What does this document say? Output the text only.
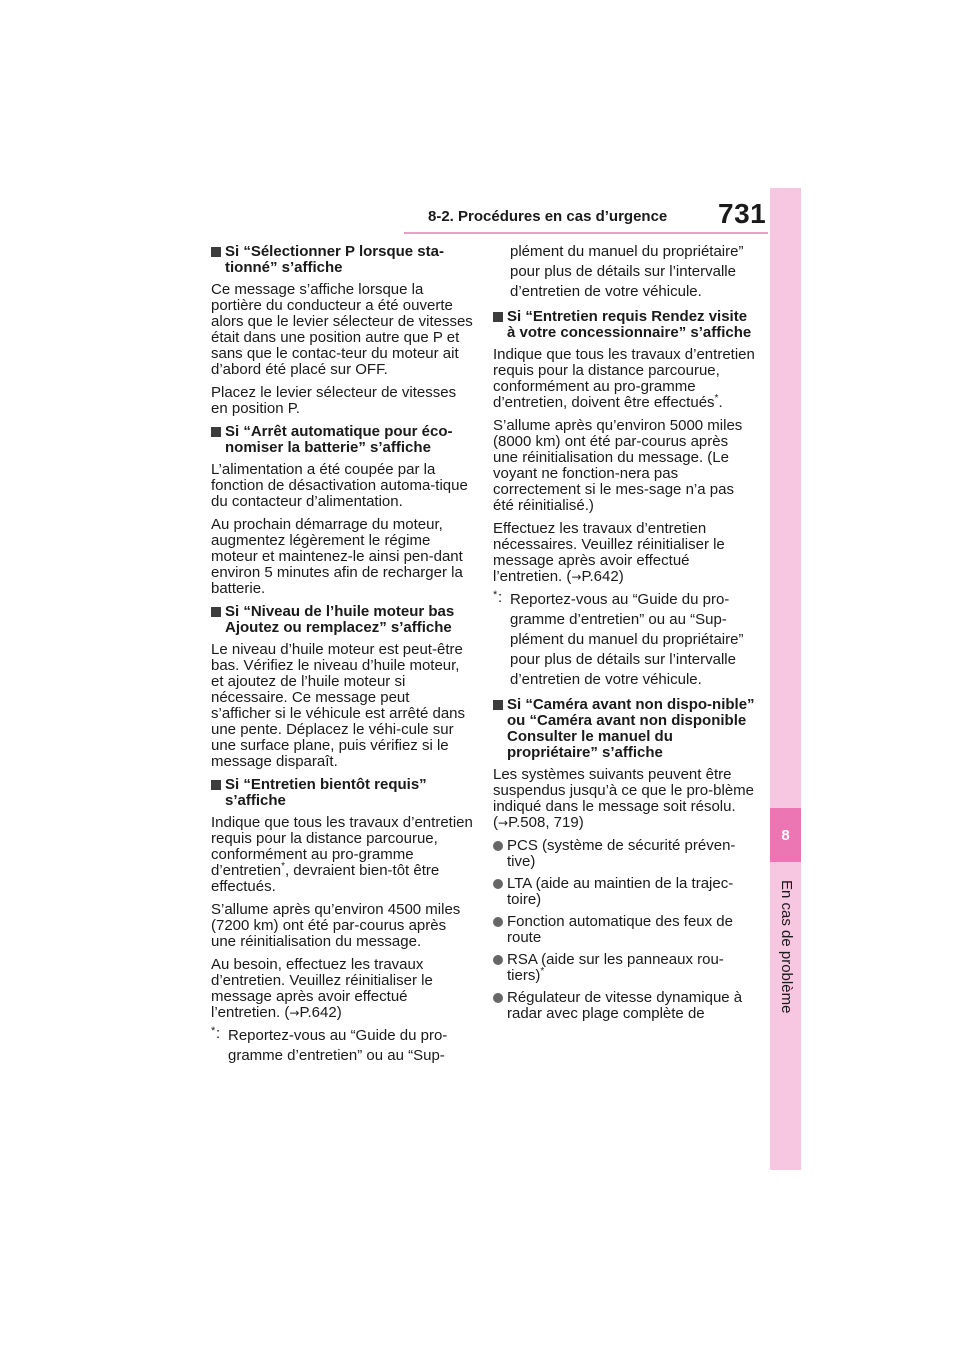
8-2. Procédures en cas d’urgence 731
8
En cas de problème
Si “Sélectionner P lorsque sta-tionné” s’affiche

Ce message s’affiche lorsque la portière du conducteur a été ouverte alors que le levier sélecteur de vitesses était dans une position autre que P et sans que le contac-teur du moteur ait d’abord été placé sur OFF.

Placez le levier sélecteur de vitesses en position P.

Si “Arrêt automatique pour éco-nomiser la batterie” s’affiche

L’alimentation a été coupée par la fonction de désactivation automa-tique du contacteur d’alimentation.

Au prochain démarrage du moteur, augmentez légèrement le régime moteur et maintenez-le ainsi pen-dant environ 5 minutes afin de recharger la batterie.

Si “Niveau de l’huile moteur bas Ajoutez ou remplacez” s’affiche

Le niveau d’huile moteur est peut-être bas. Vérifiez le niveau d’huile moteur, et ajoutez de l’huile moteur si nécessaire. Ce message peut s’afficher si le véhicule est arrêté dans une pente. Déplacez le véhi-cule sur une surface plane, puis vérifiez si le message disparaît.

Si “Entretien bientôt requis” s’affiche

Indique que tous les travaux d’entretien requis pour la distance parcourue, conformément au pro-gramme d’entretien*, devraient bien-tôt être effectués.

S’allume après qu’environ 4500 miles (7200 km) ont été par-courus après une réinitialisation du message.

Au besoin, effectuez les travaux d’entretien. Veuillez réinitialiser le message après avoir effectué l’entretien. (→P.642)

* : Reportez-vous au “Guide du pro-gramme d’entretien” ou au “Sup-
plément du manuel du propriétaire” pour plus de détails sur l’intervalle d’entretien de votre véhicule.
Si “Entretien requis Rendez visite à votre concessionnaire” s’affiche

Indique que tous les travaux d’entretien requis pour la distance parcourue, conformément au pro-gramme d’entretien, doivent être effectués*.

S’allume après qu’environ 5000 miles (8000 km) ont été par-courus après une réinitialisation du message. (Le voyant ne fonction-nera pas correctement si le mes-sage n’a pas été réinitialisé.)

Effectuez les travaux d’entretien nécessaires. Veuillez réinitialiser le message après avoir effectué l’entretien. (→P.642)

* : Reportez-vous au “Guide du pro-gramme d’entretien” ou au “Sup-plément du manuel du propriétaire” pour plus de détails sur l’intervalle d’entretien de votre véhicule.
Si “Caméra avant non dispo-nible” ou “Caméra avant non disponible Consulter le manuel du propriétaire” s’affiche

Les systèmes suivants peuvent être suspendus jusqu’à ce que le pro-blème indiqué dans le message soit résolu. (→P.508, 719)

PCS (système de sécurité préven-tive)
LTA (aide au maintien de la trajec-toire)
Fonction automatique des feux de route
RSA (aide sur les panneaux rou-tiers)*
Régulateur de vitesse dynamique à radar avec plage complète de
